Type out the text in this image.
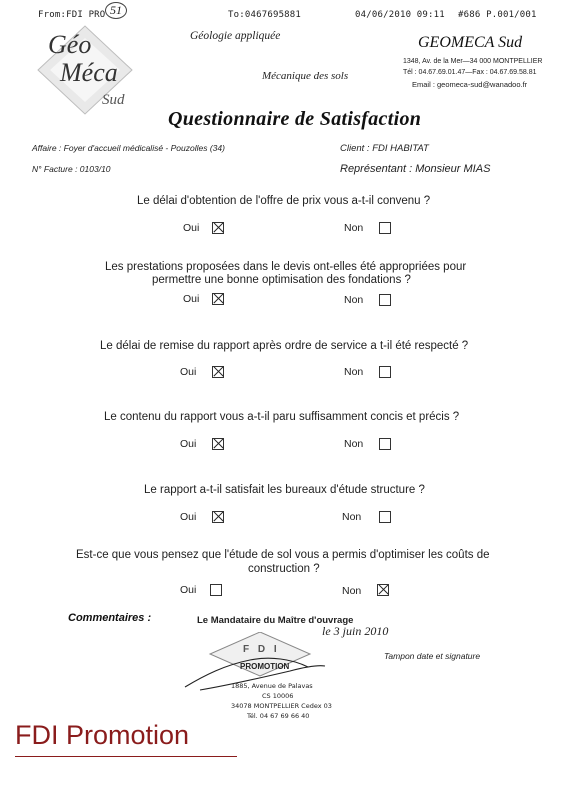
From:FDI PRO 51	To:0467695881	04/06/2010 09:11 #686 P.001/001
Géo
Méca
Sud
Géologie appliquée
Mécanique des sols
GEOMECA Sud
1348, Av. de la Mer—34 000 MONTPELLIER
Tél : 04.67.69.01.47—Fax : 04.67.69.58.81
Email : geomeca-sud@wanadoo.fr
Questionnaire de Satisfaction
Affaire : Foyer d'accueil médicalisé - Pouzolles (34)	Client : FDI HABITAT
N° Facture : 0103/10	Représentant : Monsieur MIAS
Le délai d'obtention de l'offre de prix vous a-t-il convenu ?
Oui	Non
Les prestations proposées dans le devis ont-elles été appropriées pour
permettre une bonne optimisation des fondations ?
Oui	Non
Le délai de remise du rapport après ordre de service a t-il été respecté ?
Oui	Non
Le contenu du rapport vous a-t-il paru suffisamment concis et précis ?
Oui	Non
Le rapport a-t-il satisfait les bureaux d'étude structure ?
Oui	Non
Est-ce que vous pensez que l'étude de sol vous a permis d'optimiser les coûts de
construction ?
Oui	Non
Commentaires :	Le Mandataire du Maître d'ouvrage
le 3 juin 2010
Tampon date et signature
F D I
PROMOTION
1885, Avenue de Palavas
CS 10006
34078 MONTPELLIER Cedex 03
Tél. 04 67 69 66 40
FDI Promotion
